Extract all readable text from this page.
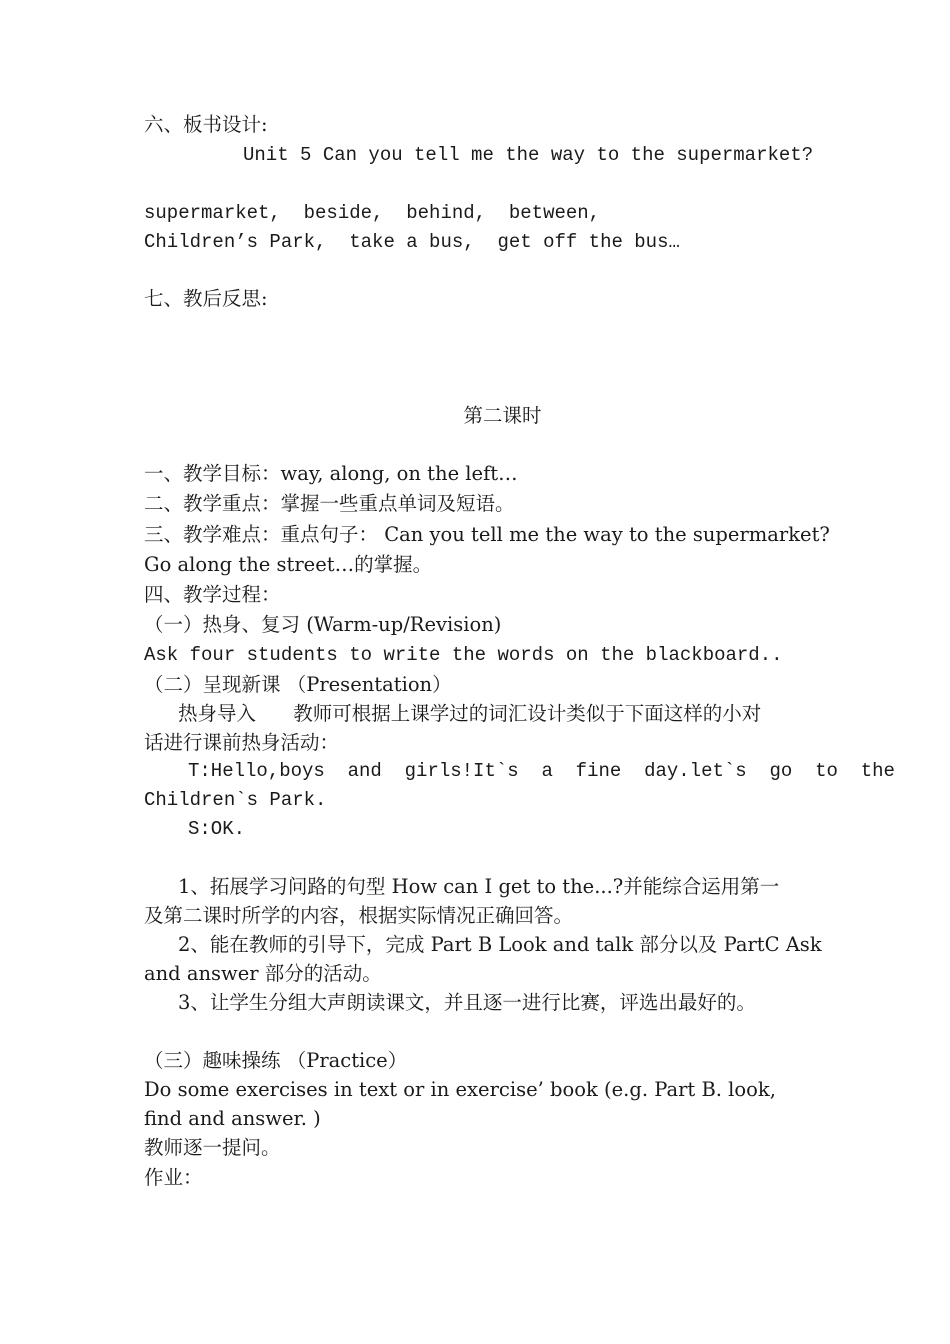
六、板书设计:
Unit 5 Can you tell me the way to the supermarket?
supermarket,  beside,  behind,  between,
Children’s Park,  take a bus,  get off the bus…
七、教后反思:
第二课时
一、教学目标：way, along, on the left…
二、教学重点：掌握一些重点单词及短语。
三、教学难点：重点句子： Can you tell me the way to the supermarket?
Go along the street…的掌握。
四、教学过程：
（一）热身、复习 (Warm-up/Revision)
Ask four students to write the words on the blackboard..
（二）呈现新课 （Presentation）
热身导入      教师可根据上课学过的词汇设计类似于下面这样的小对
话进行课前热身活动：
T:Hello,boys  and  girls!It`s  a  fine  day.let`s  go  to  the
Children`s Park.
S:OK.
1、拓展学习问路的句型 How can I get to the...?并能综合运用第一
及第二课时所学的内容，根据实际情况正确回答。
2、能在教师的引导下，完成 Part B Look and talk 部分以及 PartC Ask
and answer 部分的活动。
3、让学生分组大声朗读课文，并且逐一进行比赛，评选出最好的。
（三）趣味操练 （Practice）
Do some exercises in text or in exercise’ book (e.g. Part B. look,
find and answer. )
教师逐一提问。
作业：
